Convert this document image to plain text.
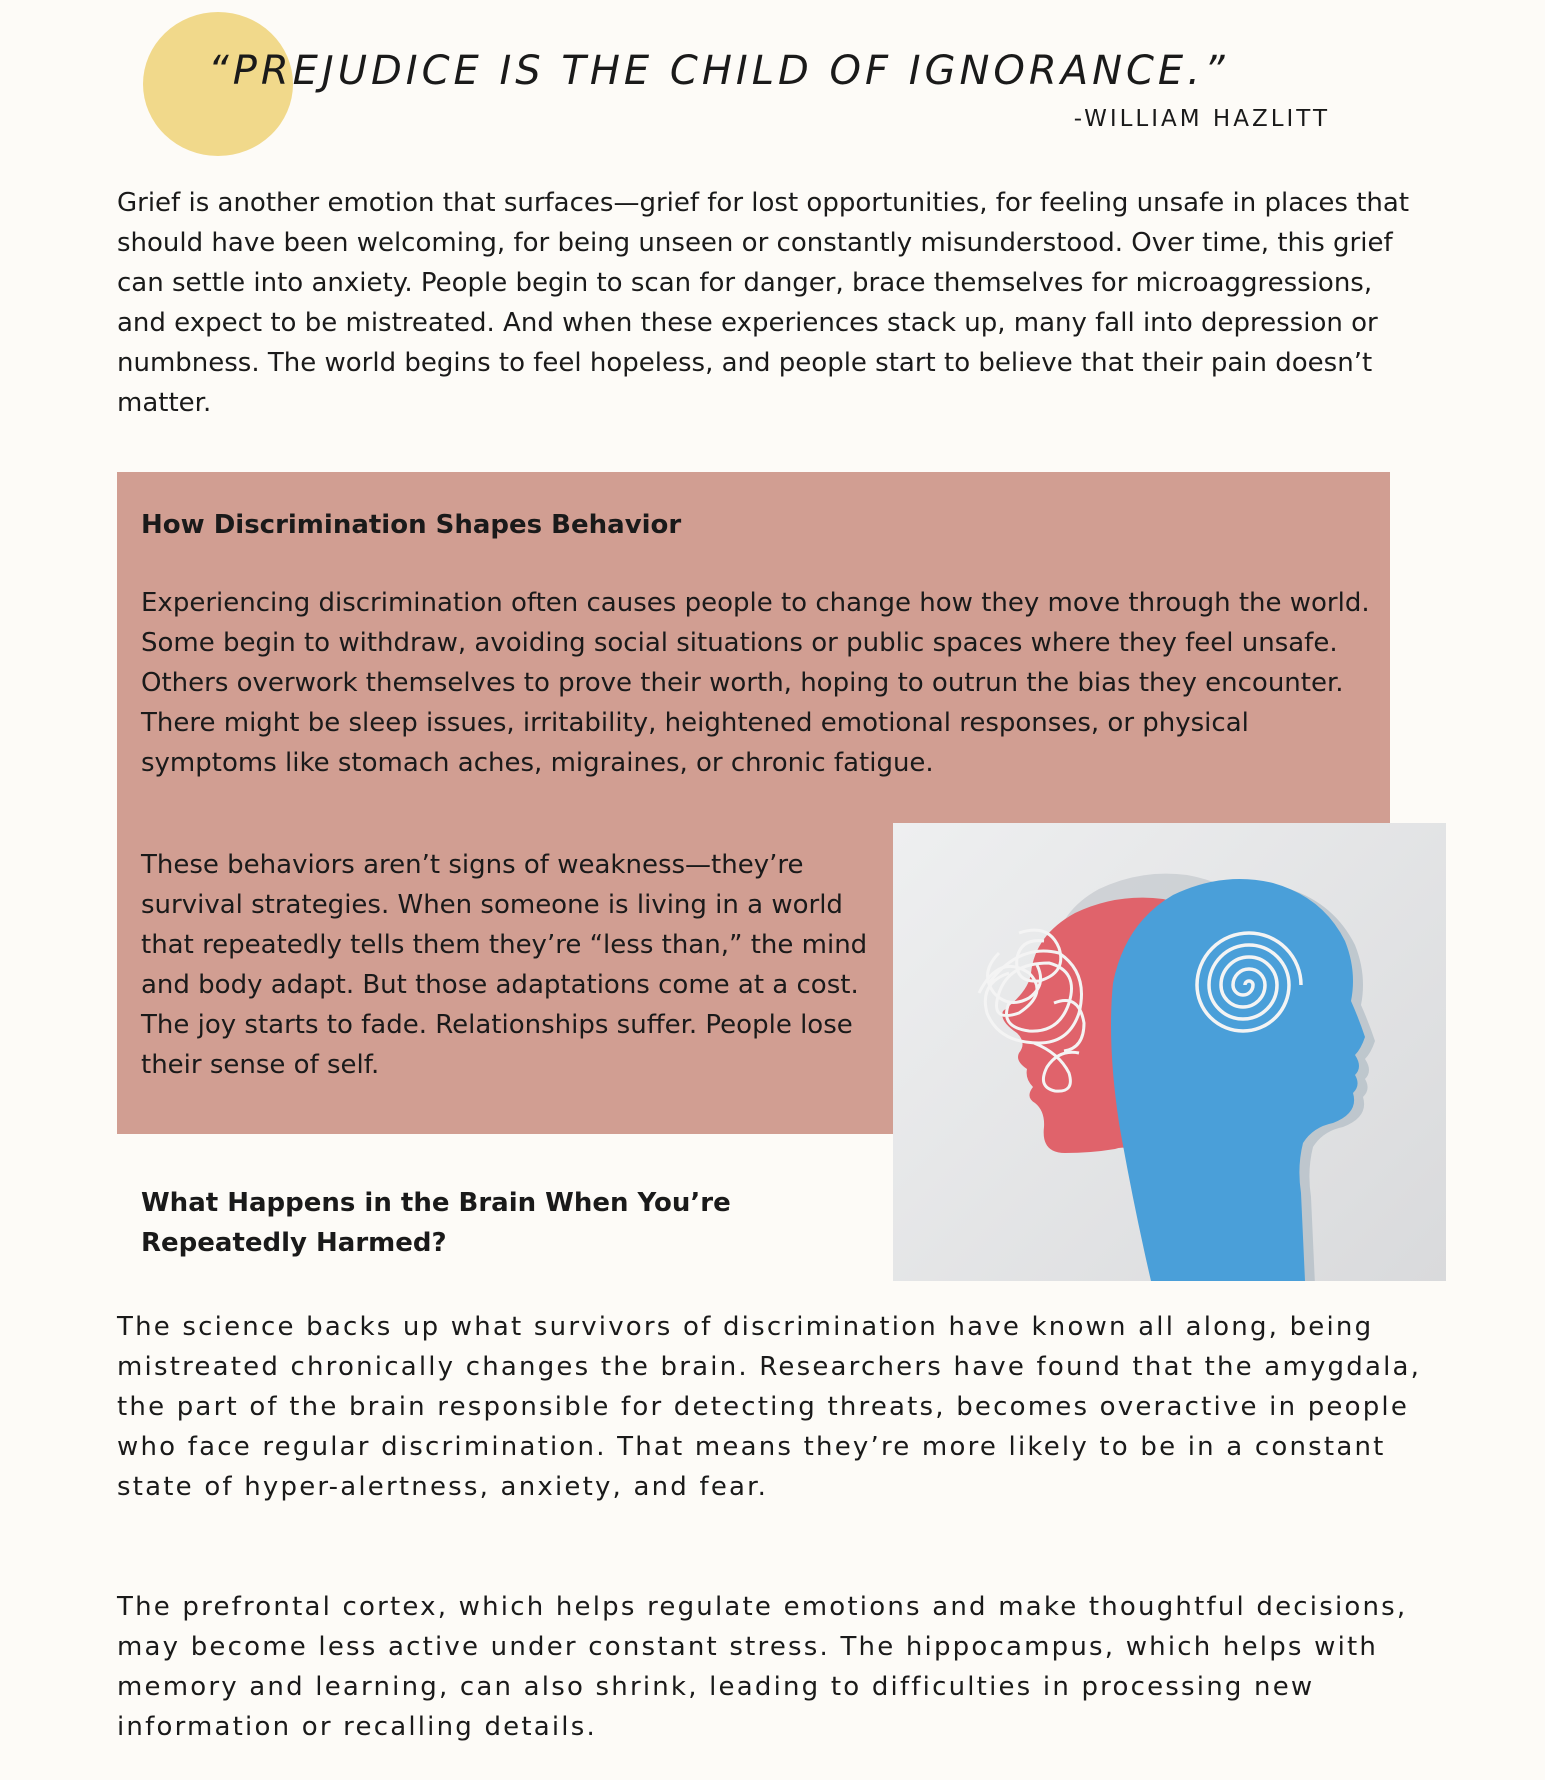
“PREJUDICE IS THE CHILD OF IGNORANCE.”
-WILLIAM HAZLITT

Grief is another emotion that surfaces—grief for lost opportunities, for feeling unsafe in places that should have been welcoming, for being unseen or constantly misunderstood. Over time, this grief can settle into anxiety. People begin to scan for danger, brace themselves for microaggressions, and expect to be mistreated. And when these experiences stack up, many fall into depression or numbness. The world begins to feel hopeless, and people start to believe that their pain doesn’t matter.

How Discrimination Shapes Behavior

Experiencing discrimination often causes people to change how they move through the world. Some begin to withdraw, avoiding social situations or public spaces where they feel unsafe. Others overwork themselves to prove their worth, hoping to outrun the bias they encounter. There might be sleep issues, irritability, heightened emotional responses, or physical symptoms like stomach aches, migraines, or chronic fatigue.

These behaviors aren’t signs of weakness—they’re survival strategies. When someone is living in a world that repeatedly tells them they’re “less than,” the mind and body adapt. But those adaptations come at a cost. The joy starts to fade. Relationships suffer. People lose their sense of self.

What Happens in the Brain When You’re Repeatedly Harmed?

The science backs up what survivors of discrimination have known all along, being mistreated chronically changes the brain. Researchers have found that the amygdala, the part of the brain responsible for detecting threats, becomes overactive in people who face regular discrimination. That means they’re more likely to be in a constant state of hyper-alertness, anxiety, and fear.

The prefrontal cortex, which helps regulate emotions and make thoughtful decisions, may become less active under constant stress. The hippocampus, which helps with memory and learning, can also shrink, leading to difficulties in processing new information or recalling details.
